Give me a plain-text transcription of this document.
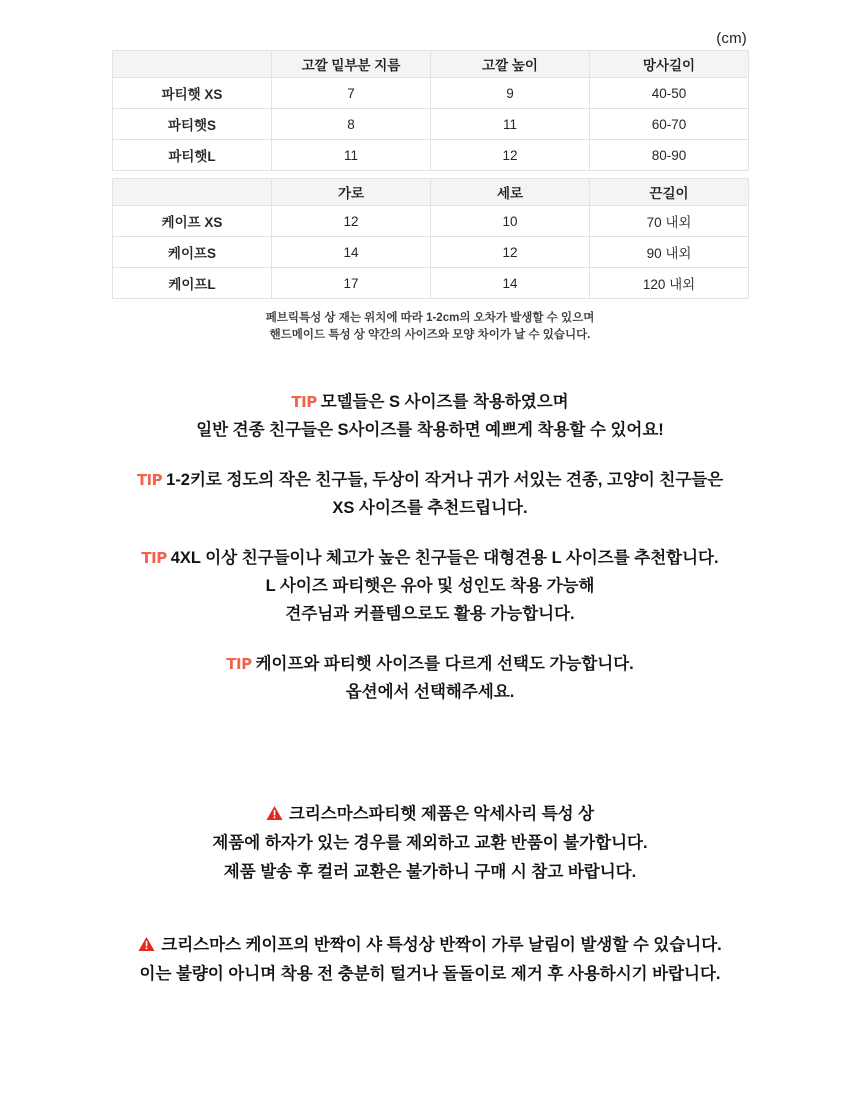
(cm)
	고깔 밑부분 지름	고깔 높이	망사길이
파티햇 XS	7	9	40-50
파티햇S	8	11	60-70
파티햇L	11	12	80-90
	가로	세로	끈길이
케이프 XS	12	10	70 내외
케이프S	14	12	90 내외
케이프L	17	14	120 내외
페브릭특성 상 재는 위치에 따라 1-2cm의 오차가 발생할 수 있으며
핸드메이드 특성 상 약간의 사이즈와 모양 차이가 날 수 있습니다.
TIP 모델들은 S 사이즈를 착용하였으며
일반 견종 친구들은 S사이즈를 착용하면 예쁘게 착용할 수 있어요!
TIP 1-2키로 정도의 작은 친구들, 두상이 작거나 귀가 서있는 견종, 고양이 친구들은
XS 사이즈를 추천드립니다.
TIP 4XL 이상 친구들이나 체고가 높은 친구들은 대형견용 L 사이즈를 추천합니다.
L 사이즈 파티햇은 유아 및 성인도 착용 가능해
견주님과 커플템으로도 활용 가능합니다.
TIP 케이프와 파티햇 사이즈를 다르게 선택도 가능합니다.
옵션에서 선택해주세요.
크리스마스파티햇 제품은 악세사리 특성 상
제품에 하자가 있는 경우를 제외하고 교환 반품이 불가합니다.
제품 발송 후 컬러 교환은 불가하니 구매 시 참고 바랍니다.
크리스마스 케이프의 반짝이 샤 특성상 반짝이 가루 날림이 발생할 수 있습니다.
이는 불량이 아니며 착용 전 충분히 털거나 돌돌이로 제거 후 사용하시기 바랍니다.
